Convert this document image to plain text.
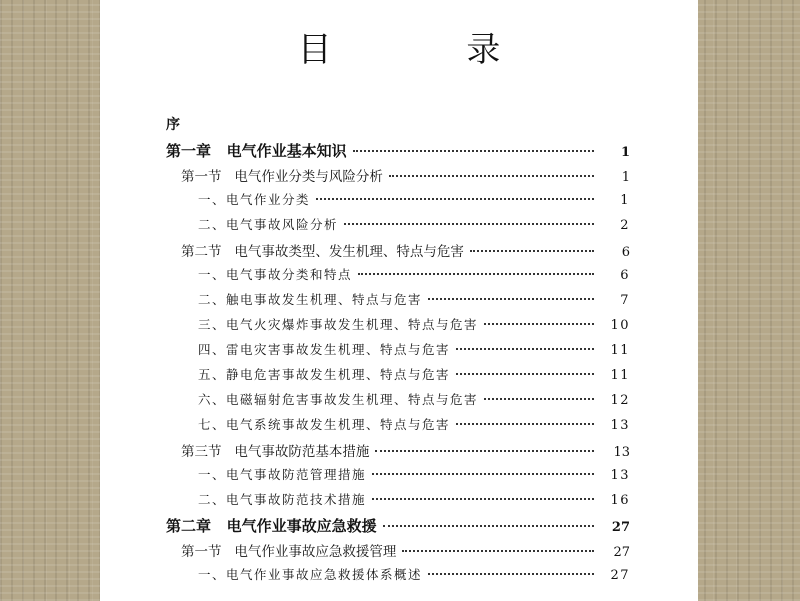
目 录
序
第一章   电气作业基本知识	1
第一节   电气作业分类与风险分析	1
一、电气作业分类	1
二、电气事故风险分析	2
第二节   电气事故类型、发生机理、特点与危害	6
一、电气事故分类和特点	6
二、触电事故发生机理、特点与危害	7
三、电气火灾爆炸事故发生机理、特点与危害	10
四、雷电灾害事故发生机理、特点与危害	11
五、静电危害事故发生机理、特点与危害	11
六、电磁辐射危害事故发生机理、特点与危害	12
七、电气系统事故发生机理、特点与危害	13
第三节   电气事故防范基本措施	13
一、电气事故防范管理措施	13
二、电气事故防范技术措施	16
第二章   电气作业事故应急救援	27
第一节   电气作业事故应急救援管理	27
一、电气作业事故应急救援体系概述	27
